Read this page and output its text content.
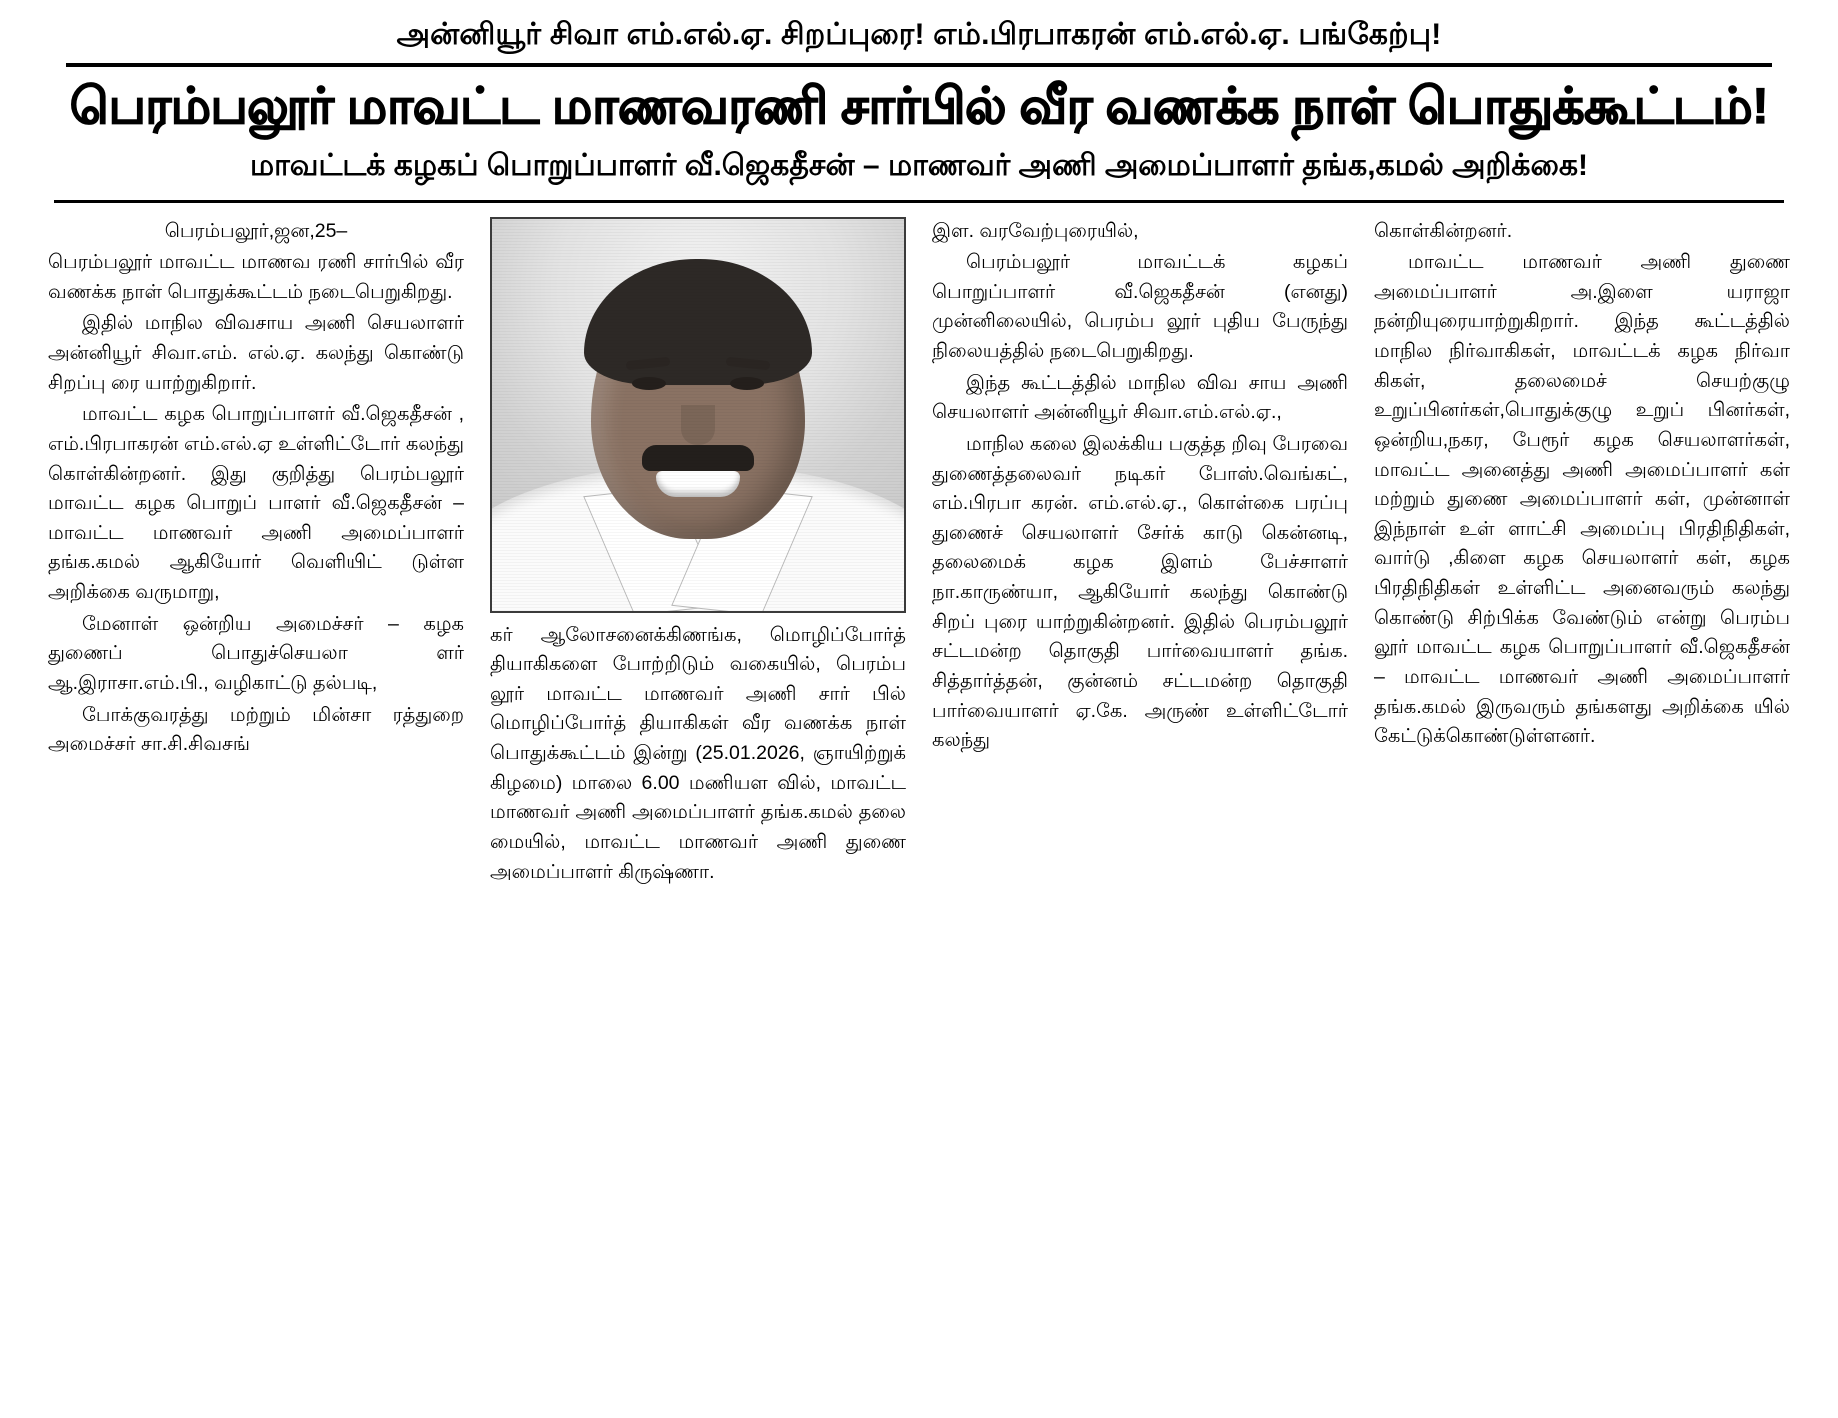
அன்னியூர் சிவா எம்.எல்.ஏ. சிறப்புரை! எம்.பிரபாகரன் எம்.எல்.ஏ. பங்கேற்பு!
பெரம்பலூர் மாவட்ட மாணவரணி சார்பில் வீர வணக்க நாள் பொதுக்கூட்டம்!
மாவட்டக் கழகப் பொறுப்பாளர் வீ.ஜெகதீசன் – மாணவர் அணி அமைப்பாளர் தங்க,கமல் அறிக்கை!

பெரம்பலூர்,ஜன,25–

பெரம்பலூர் மாவட்ட மாணவ ரணி சார்பில் வீர வணக்க நாள் பொதுக்கூட்டம் நடைபெறுகிறது.

இதில் மாநில விவசாய அணி செயலாளர் அன்னியூர் சிவா.எம். எல்.ஏ. கலந்து கொண்டு சிறப்பு ரை யாற்றுகிறார்.

மாவட்ட கழக பொறுப்பாளர் வீ.ஜெகதீசன் , எம்.பிரபாகரன் எம்.எல்.ஏ உள்ளிட்டோர் கலந்து கொள்கின்றனர். இது குறித்து பெரம்பலூர் மாவட்ட கழக பொறுப் பாளர் வீ.ஜெகதீசன் – மாவட்ட மாணவர் அணி அமைப்பாளர் தங்க.கமல் ஆகியோர் வெளியிட் டுள்ள அறிக்கை வருமாறு,

மேனாள் ஒன்றிய அமைச்சர் – கழக துணைப் பொதுச்செயலா ளர் ஆ.இராசா.எம்.பி., வழிகாட்டு தல்படி,

போக்குவரத்து மற்றும் மின்சா ரத்துறை அமைச்சர் சா.சி.சிவசங்

கர் ஆலோசனைக்கிணங்க, மொழிப்போர்த் தியாகிகளை போற்றிடும் வகையில், பெரம்ப லூர் மாவட்ட மாணவர் அணி சார் பில் மொழிப்போர்த் தியாகிகள் வீர வணக்க நாள் பொதுக்கூட்டம் இன்று (25.01.2026, ஞாயிற்றுக் கிழமை) மாலை 6.00 மணியள வில், மாவட்ட மாணவர் அணி அமைப்பாளர் தங்க.கமல் தலை மையில், மாவட்ட மாணவர் அணி துணை அமைப்பாளர் கிருஷ்ணா.

இள. வரவேற்புரையில்,

பெரம்பலூர் மாவட்டக் கழகப் பொறுப்பாளர் வீ.ஜெகதீசன் (எனது) முன்னிலையில், பெரம்ப லூர் புதிய பேருந்து நிலையத்தில் நடைபெறுகிறது.

இந்த கூட்டத்தில் மாநில விவ சாய அணி செயலாளர் அன்னியூர் சிவா.எம்.எல்.ஏ.,

மாநில கலை இலக்கிய பகுத்த றிவு பேரவை துணைத்தலைவர் நடிகர் போஸ்.வெங்கட், எம்.பிரபா கரன். எம்.எல்.ஏ., கொள்கை பரப்பு துணைச் செயலாளர் சேர்க் காடு கென்னடி, தலைமைக் கழக இளம் பேச்சாளர் நா.காருண்யா, ஆகியோர் கலந்து கொண்டு சிறப் புரை யாற்றுகின்றனர். இதில் பெரம்பலூர் சட்டமன்ற தொகுதி பார்வையாளர் தங்க. சித்தார்த்தன், குன்னம் சட்டமன்ற தொகுதி பார்வையாளர் ஏ.கே. அருண் உள்ளிட்டோர் கலந்து

கொள்கின்றனர்.

மாவட்ட மாணவர் அணி துணை அமைப்பாளர் அ.இளை யராஜா நன்றியுரையாற்றுகிறார். இந்த கூட்டத்தில் மாநில நிர்வாகிகள், மாவட்டக் கழக நிர்வா கிகள், தலைமைச் செயற்குழு உறுப்பினர்கள்,பொதுக்குழு உறுப் பினர்கள், ஒன்றிய,நகர, பேரூர் கழக செயலாளர்கள், மாவட்ட அனைத்து அணி அமைப்பாளர் கள் மற்றும் துணை அமைப்பாளர் கள், முன்னாள் இந்நாள் உள் ளாட்சி அமைப்பு பிரதிநிதிகள், வார்டு ,கிளை கழக செயலாளர் கள், கழக பிரதிநிதிகள் உள்ளிட்ட அனைவரும் கலந்து கொண்டு சிற்பிக்க வேண்டும் என்று பெரம்ப லூர் மாவட்ட கழக பொறுப்பாளர் வீ.ஜெகதீசன் – மாவட்ட மாணவர் அணி அமைப்பாளர் தங்க.கமல் இருவரும் தங்களது அறிக்கை யில் கேட்டுக்கொண்டுள்ளனர்.
